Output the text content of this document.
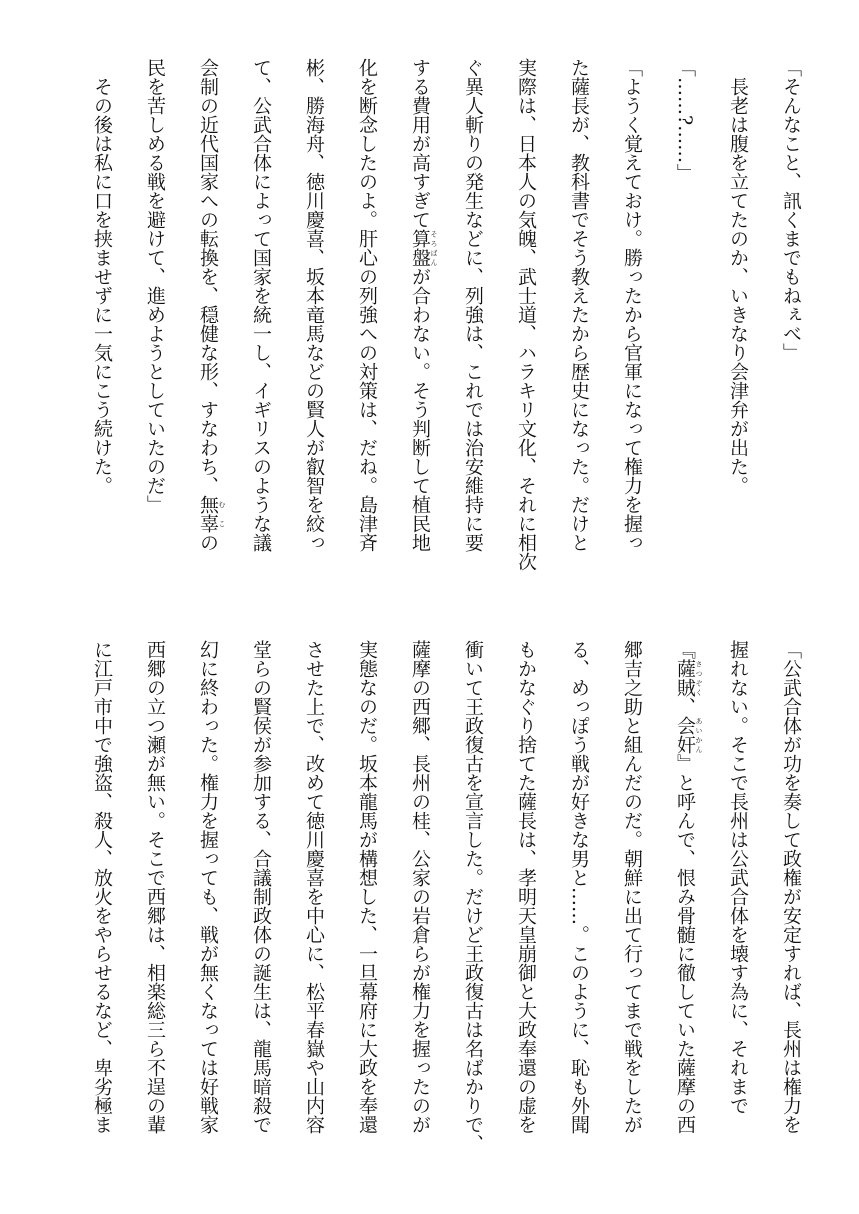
「そんなこと、訊くまでもねぇべ」
　長老は腹を立てたのか、いきなり会津弁が出た。
「……?……」
「ようく覚えておけ。勝ったから官軍になって権力を握っ
た薩長が、教科書でそう教えたから歴史になった。だけと
実際は、日本人の気魄、武士道、ハラキリ文化、それに相次
ぐ異人斬りの発生などに、列強は、これでは治安維持に要
する費用が高すぎて算盤 そろばんが合わない。そう判断して植民地
化を断念したのよ。肝心の列強への対策は、だね。島津斉
彬、勝海舟、徳川慶喜、坂本竜馬などの賢人が叡智を絞っ
て、公武合体によって国家を統一し、イギリスのような議
会制の近代国家への転換を、穏健な形、すなわち、無辜 むこの
民を苦しめる戦を避けて、進めようとしていたのだ」
　その後は私に口を挟ませずに一気にこう続けた。
「公武合体が功を奏して政権が安定すれば、長州は権力を
握れない。そこで長州は公武合体を壊す為に、それまで
『薩賊 さつぞく、会奸 あいかん』と呼んで、恨み骨髄に徹していた薩摩の西
郷吉之助と組んだのだ。朝鮮に出て行ってまで戦をしたが
る、めっぽう戦が好きな男と……。このように、恥も外聞
もかなぐり捨てた薩長は、孝明天皇崩御と大政奉還の虚を
衝いて王政復古を宣言した。だけど王政復古は名ばかりで、
薩摩の西郷、長州の桂、公家の岩倉らが権力を握ったのが
実態なのだ。坂本龍馬が構想した、一旦幕府に大政を奉還
させた上で、改めて徳川慶喜を中心に、松平春嶽や山内容
堂らの賢侯が参加する、合議制政体の誕生は、龍馬暗殺で
幻に終わった。権力を握っても、戦が無くなっては好戦家
西郷の立つ瀬が無い。そこで西郷は、相楽総三ら不逞の輩
に江戸市中で強盗、殺人、放火をやらせるなど、卑劣極ま
